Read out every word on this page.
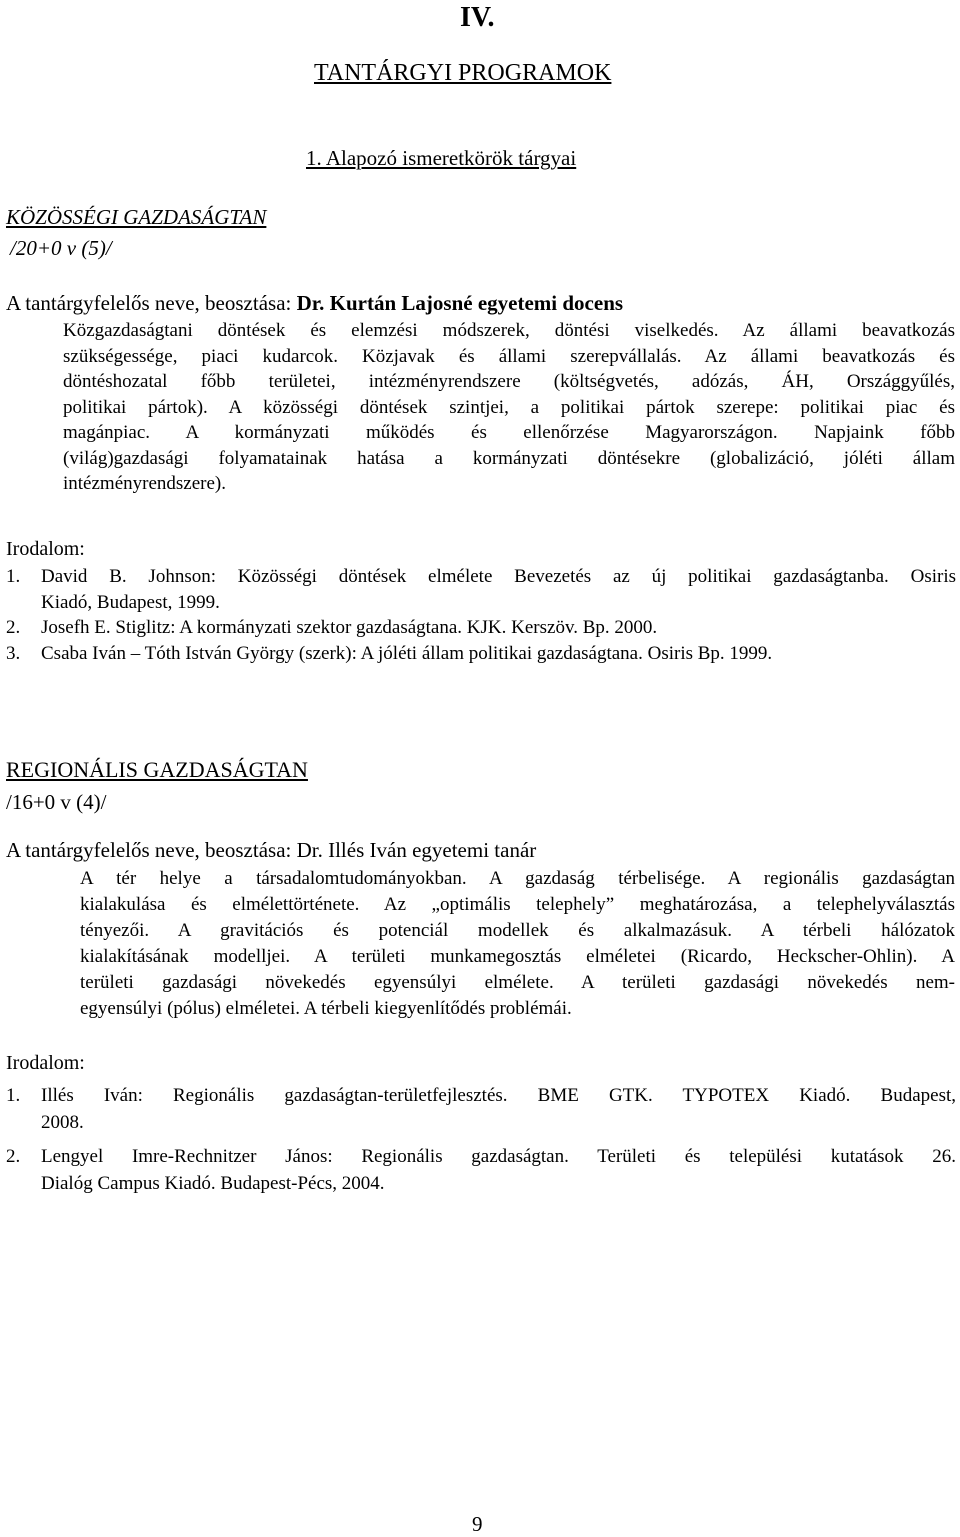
IV.
TANTÁRGYI PROGRAMOK
1. Alapozó ismeretkörök tárgyai
KÖZÖSSÉGI GAZDASÁGTAN
/20+0 v (5)/
A tantárgyfelelős neve, beosztása: Dr. Kurtán Lajosné egyetemi docens
Közgazdaságtani döntések és elemzési módszerek, döntési viselkedés. Az állami beavatkozás
szükségessége, piaci kudarcok. Közjavak és állami szerepvállalás. Az állami beavatkozás és
döntéshozatal főbb területei, intézményrendszere (költségvetés, adózás, ÁH, Országgyűlés,
politikai pártok). A közösségi döntések szintjei, a politikai pártok szerepe: politikai piac és
magánpiac. A kormányzati működés és ellenőrzése Magyarországon. Napjaink főbb
(világ)gazdasági folyamatainak hatása a kormányzati döntésekre (globalizáció, jóléti állam
intézményrendszere).
Irodalom:
1.	David B. Johnson: Közösségi döntések elmélete Bevezetés az új politikai gazdaságtanba. Osiris
Kiadó, Budapest, 1999.
2.	Josefh E. Stiglitz: A kormányzati szektor gazdaságtana. KJK. Kerszöv. Bp. 2000.
3.	Csaba Iván – Tóth István György (szerk): A jóléti állam politikai gazdaságtana. Osiris Bp. 1999.
REGIONÁLIS GAZDASÁGTAN
/16+0 v (4)/
A tantárgyfelelős neve, beosztása: Dr. Illés Iván egyetemi tanár
A tér helye a társadalomtudományokban. A gazdaság térbelisége. A regionális gazdaságtan
kialakulása és elmélettörténete. Az „optimális telephely” meghatározása, a telephelyválasztás
tényezői. A gravitációs és potenciál modellek és alkalmazásuk. A térbeli hálózatok
kialakításának modelljei. A területi munkamegosztás elméletei (Ricardo, Heckscher-Ohlin). A
területi gazdasági növekedés egyensúlyi elmélete. A területi gazdasági növekedés nem-
egyensúlyi (pólus) elméletei. A térbeli kiegyenlítődés problémái.
Irodalom:
1.	Illés Iván: Regionális gazdaságtan-területfejlesztés. BME GTK. TYPOTEX Kiadó. Budapest,
2008.
2.	Lengyel Imre-Rechnitzer János: Regionális gazdaságtan. Területi és települési kutatások 26.
Dialóg Campus Kiadó. Budapest-Pécs, 2004.
9
